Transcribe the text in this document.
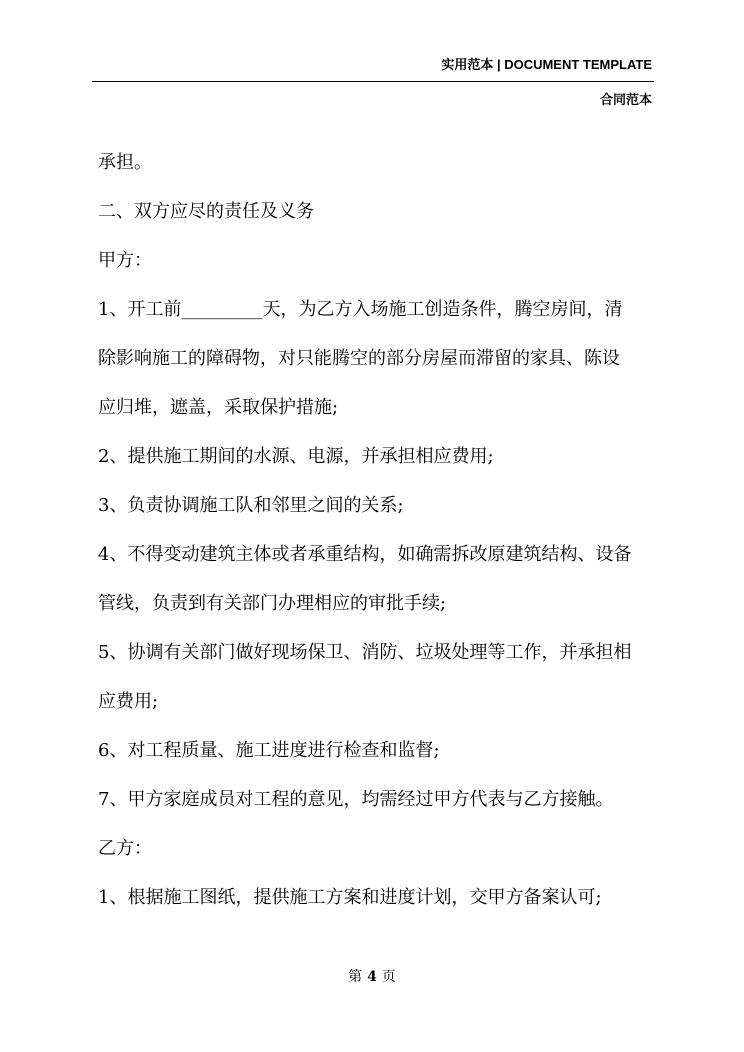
实用范本 | DOCUMENT TEMPLATE
合同范本
承担。
二、双方应尽的责任及义务
甲方：
1、开工前_________天，为乙方入场施工创造条件，腾空房间，清
除影响施工的障碍物，对只能腾空的部分房屋而滞留的家具、陈设
应归堆，遮盖，采取保护措施;
2、提供施工期间的水源、电源，并承担相应费用;
3、负责协调施工队和邻里之间的关系;
4、不得变动建筑主体或者承重结构，如确需拆改原建筑结构、设备
管线，负责到有关部门办理相应的审批手续;
5、协调有关部门做好现场保卫、消防、垃圾处理等工作，并承担相
应费用;
6、对工程质量、施工进度进行检查和监督;
7、甲方家庭成员对工程的意见，均需经过甲方代表与乙方接触。
乙方：
1、根据施工图纸，提供施工方案和进度计划，交甲方备案认可;
第 4 页
